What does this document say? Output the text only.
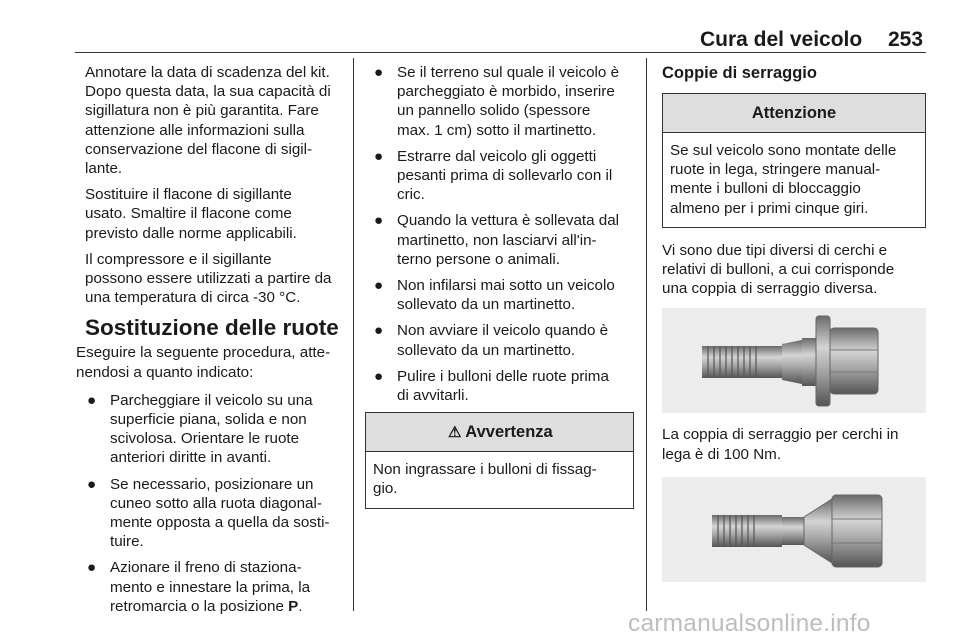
Cura del veicolo 253

Annotare la data di scadenza del kit.
Dopo questa data, la sua capacità di
sigillatura non è più garantita. Fare
attenzione alle informazioni sulla
conservazione del flacone di sigil-
lante.

Sostituire il flacone di sigillante
usato. Smaltire il flacone come
previsto dalle norme applicabili.

Il compressore e il sigillante
possono essere utilizzati a partire da
una temperatura di circa -30 °C.

Sostituzione delle ruote

Eseguire la seguente procedura, atte-
nendosi a quanto indicato:

● Parcheggiare il veicolo su una
superficie piana, solida e non
scivolosa. Orientare le ruote
anteriori diritte in avanti.
● Se necessario, posizionare un
cuneo sotto alla ruota diagonal-
mente opposta a quella da sosti-
tuire.
● Azionare il freno di staziona-
mento e innestare la prima, la
retromarcia o la posizione P.
● Se il terreno sul quale il veicolo è
parcheggiato è morbido, inserire
un pannello solido (spessore
max. 1 cm) sotto il martinetto.
● Estrarre dal veicolo gli oggetti
pesanti prima di sollevarlo con il
cric.
● Quando la vettura è sollevata dal
martinetto, non lasciarvi all'in-
terno persone o animali.
● Non infilarsi mai sotto un veicolo
sollevato da un martinetto.
● Non avviare il veicolo quando è
sollevato da un martinetto.
● Pulire i bulloni delle ruote prima
di avvitarli.
⚠ Avvertenza
Non ingrassare i bulloni di fissag-
gio.
Coppie di serraggio
Attenzione
Se sul veicolo sono montate delle
ruote in lega, stringere manual-
mente i bulloni di bloccaggio
almeno per i primi cinque giri.

Vi sono due tipi diversi di cerchi e
relativi di bulloni, a cui corrisponde
una coppia di serraggio diversa.

La coppia di serraggio per cerchi in
lega è di 100 Nm.

carmanualsonline.info
